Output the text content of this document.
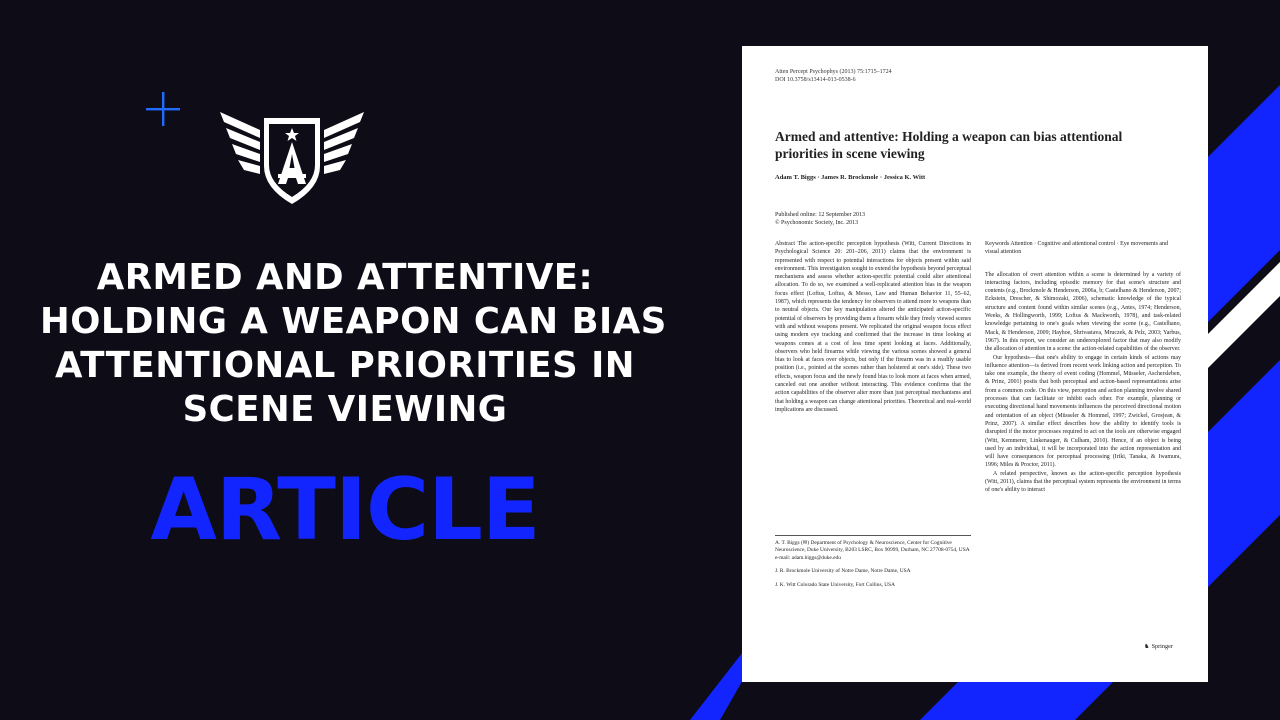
ARMED AND ATTENTIVE:
HOLDING A WEAPON CAN BIAS
ATTENTIONAL PRIORITIES IN
SCENE VIEWING
ARTICLE
Atten Percept Psychophys (2013) 75:1715–1724
DOI 10.3758/s13414-013-0538-6
Armed and attentive: Holding a weapon can bias attentional priorities in scene viewing
Adam T. Biggs · James R. Brockmole · Jessica K. Witt
Published online: 12 September 2013
© Psychonomic Society, Inc. 2013
Abstract The action-specific perception hypothesis (Witt, Current Directions in Psychological Science 20: 201–206, 2011) claims that the environment is represented with respect to potential interactions for objects present within said environment. This investigation sought to extend the hypothesis beyond perceptual mechanisms and assess whether action-specific potential could alter attentional allocation. To do so, we examined a well-replicated attention bias in the weapon focus effect (Loftus, Loftus, & Messo, Law and Human Behavior 11, 55–62, 1987), which represents the tendency for observers to attend more to weapons than to neutral objects. Our key manipulation altered the anticipated action-specific potential of observers by providing them a firearm while they freely viewed scenes with and without weapons present. We replicated the original weapon focus effect using modern eye tracking and confirmed that the increase in time looking at weapons comes at a cost of less time spent looking at faces. Additionally, observers who held firearms while viewing the various scenes showed a general bias to look at faces over objects, but only if the firearm was in a readily usable position (i.e., pointed at the scenes rather than holstered at one's side). These two effects, weapon focus and the newly found bias to look more at faces when armed, canceled out one another without interacting. This evidence confirms that the action capabilities of the observer alter more than just perceptual mechanisms and that holding a weapon can change attentional priorities. Theoretical and real-world implications are discussed.

Keywords Attention · Cognitive and attentional control · Eye movements and visual attention

The allocation of overt attention within a scene is determined by a variety of interacting factors, including episodic memory for that scene's structure and contents (e.g., Brockmole & Henderson, 2006a, b; Castelhano & Henderson, 2007; Eckstein, Drescher, & Shimozaki, 2006), schematic knowledge of the typical structure and content found within similar scenes (e.g., Antes, 1974; Henderson, Weeks, & Hollingworth, 1999; Loftus & Mackworth, 1978), and task-related knowledge pertaining to one's goals when viewing the scene (e.g., Castelhano, Mack, & Henderson, 2009; Hayhoe, Shrivastava, Mruczek, & Pelz, 2003; Yarbus, 1967). In this report, we consider an underexplored factor that may also modify the allocation of attention in a scene: the action-related capabilities of the observer.

Our hypothesis—that one's ability to engage in certain kinds of actions may influence attention—is derived from recent work linking action and perception. To take one example, the theory of event coding (Hommel, Müsseler, Aschersleben, & Prinz, 2001) posits that both perceptual and action-based representations arise from a common code. On this view, perception and action planning involve shared processes that can facilitate or inhibit each other. For example, planning or executing directional hand movements influences the perceived directional motion and orientation of an object (Müsseler & Hommel, 1997; Zwickel, Grosjean, & Prinz, 2007). A similar effect describes how the ability to identify tools is disrupted if the motor processes required to act on the tools are otherwise engaged (Witt, Kemmerer, Linkenauger, & Culham, 2010). Hence, if an object is being used by an individual, it will be incorporated into the action representation and will have consequences for perceptual processing (Iriki, Tanaka, & Iwamura, 1996; Miles & Proctor, 2011).

A related perspective, known as the action-specific perception hypothesis (Witt, 2011), claims that the perceptual system represents the environment in terms of one's ability to interact

A. T. Biggs (✉) Department of Psychology & Neuroscience, Center for Cognitive Neuroscience, Duke University, B203 LSRC, Box 90999, Durham, NC 27708-0754, USA e-mail: adam.biggs@duke.edu

J. R. Brockmole University of Notre Dame, Notre Dame, USA

J. K. Witt Colorado State University, Fort Collins, USA

♞ Springer
